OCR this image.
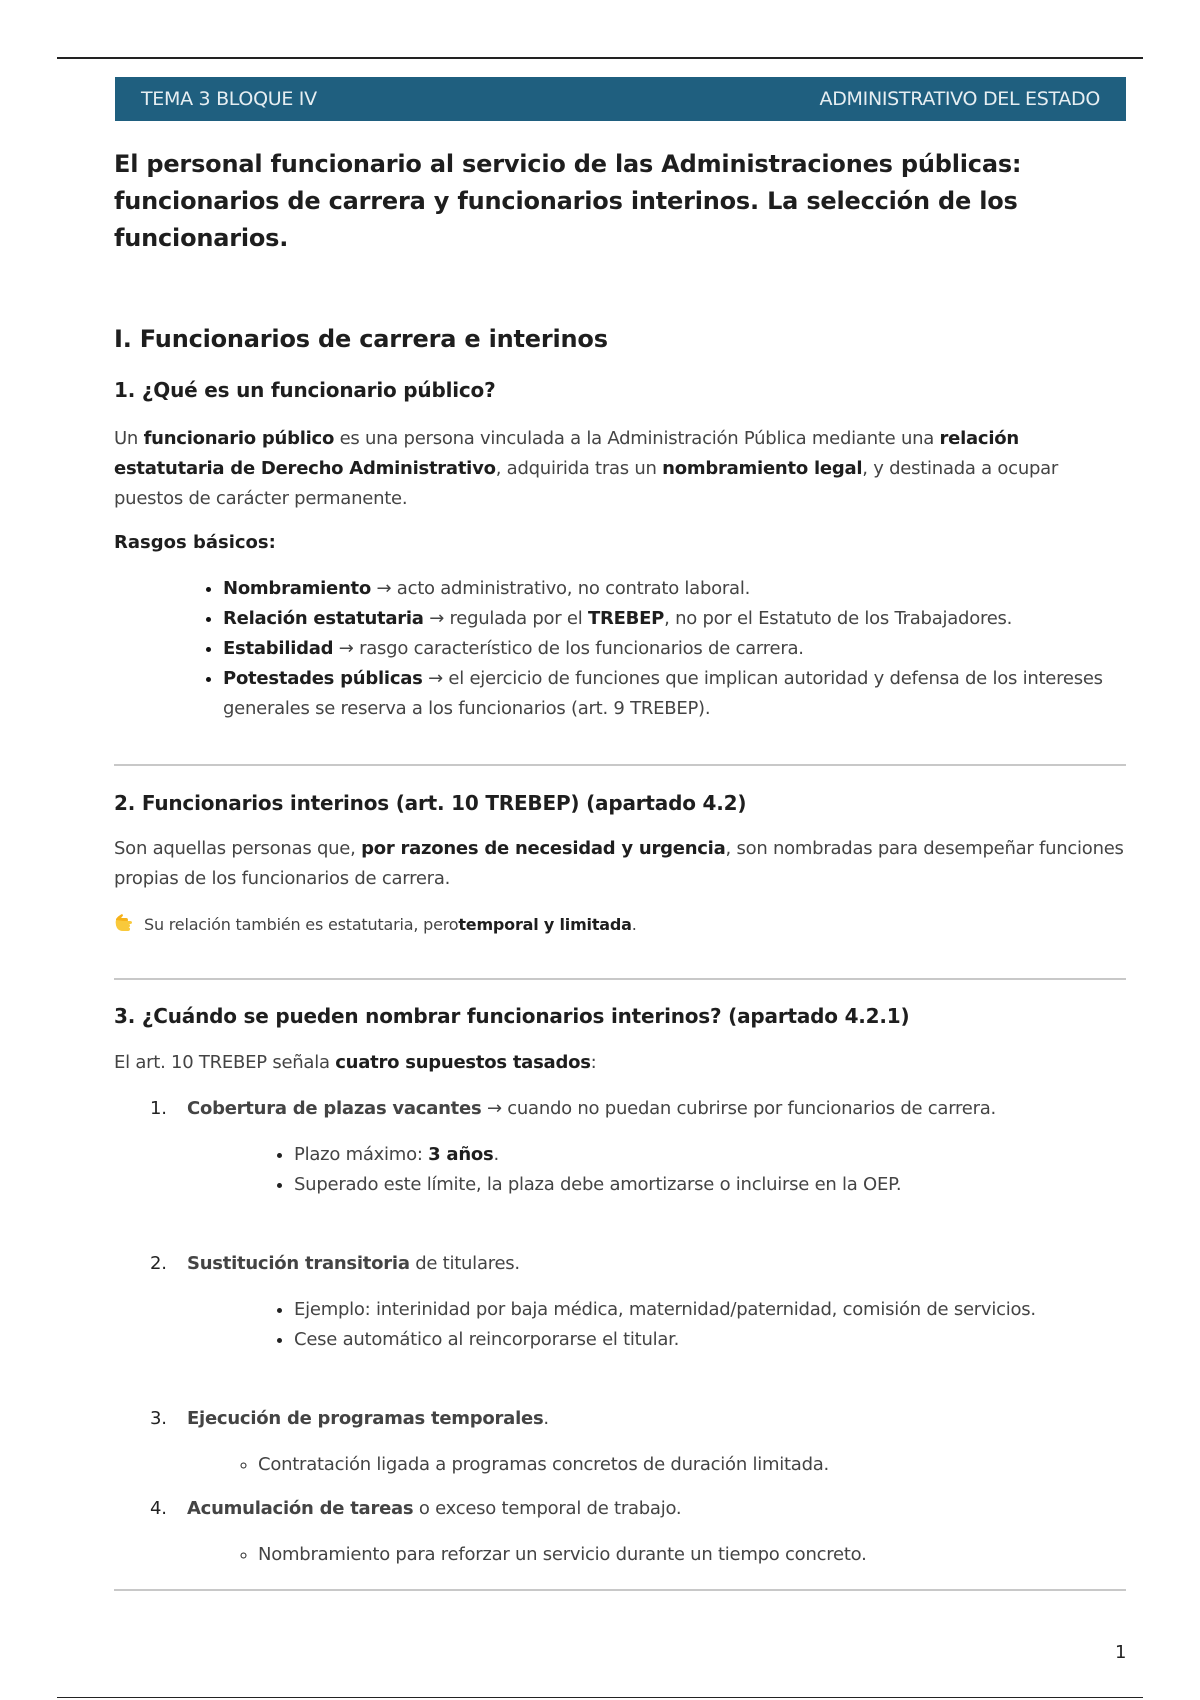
TEMA 3 BLOQUE IV	ADMINISTRATIVO DEL ESTADO
El personal funcionario al servicio de las Administraciones públicas:
funcionarios de carrera y funcionarios interinos. La selección de los
funcionarios.
I. Funcionarios de carrera e interinos
1. ¿Qué es un funcionario público?

Un funcionario público es una persona vinculada a la Administración Pública mediante una relación estatutaria de Derecho Administrativo, adquirida tras un nombramiento legal, y destinada a ocupar puestos de carácter permanente.

Rasgos básicos:
• Nombramiento → acto administrativo, no contrato laboral.
• Relación estatutaria → regulada por el TREBEP, no por el Estatuto de los Trabajadores.
• Estabilidad → rasgo característico de los funcionarios de carrera.
• Potestades públicas → el ejercicio de funciones que implican autoridad y defensa de los intereses generales se reserva a los funcionarios (art. 9 TREBEP).
2. Funcionarios interinos (art. 10 TREBEP) (apartado 4.2)

Son aquellas personas que, por razones de necesidad y urgencia, son nombradas para desempeñar funciones propias de los funcionarios de carrera.

Su relación también es estatutaria, pero temporal y limitada .
3. ¿Cuándo se pueden nombrar funcionarios interinos? (apartado 4.2.1)

El art. 10 TREBEP señala cuatro supuestos tasados:

1. Cobertura de plazas vacantes → cuando no puedan cubrirse por funcionarios de carrera.
• Plazo máximo: 3 años.
• Superado este límite, la plaza debe amortizarse o incluirse en la OEP.
2. Sustitución transitoria de titulares.
• Ejemplo: interinidad por baja médica, maternidad/paternidad, comisión de servicios.
• Cese automático al reincorporarse el titular.
3. Ejecución de programas temporales.
◦ Contratación ligada a programas concretos de duración limitada.
4. Acumulación de tareas o exceso temporal de trabajo.
◦ Nombramiento para reforzar un servicio durante un tiempo concreto.
1
